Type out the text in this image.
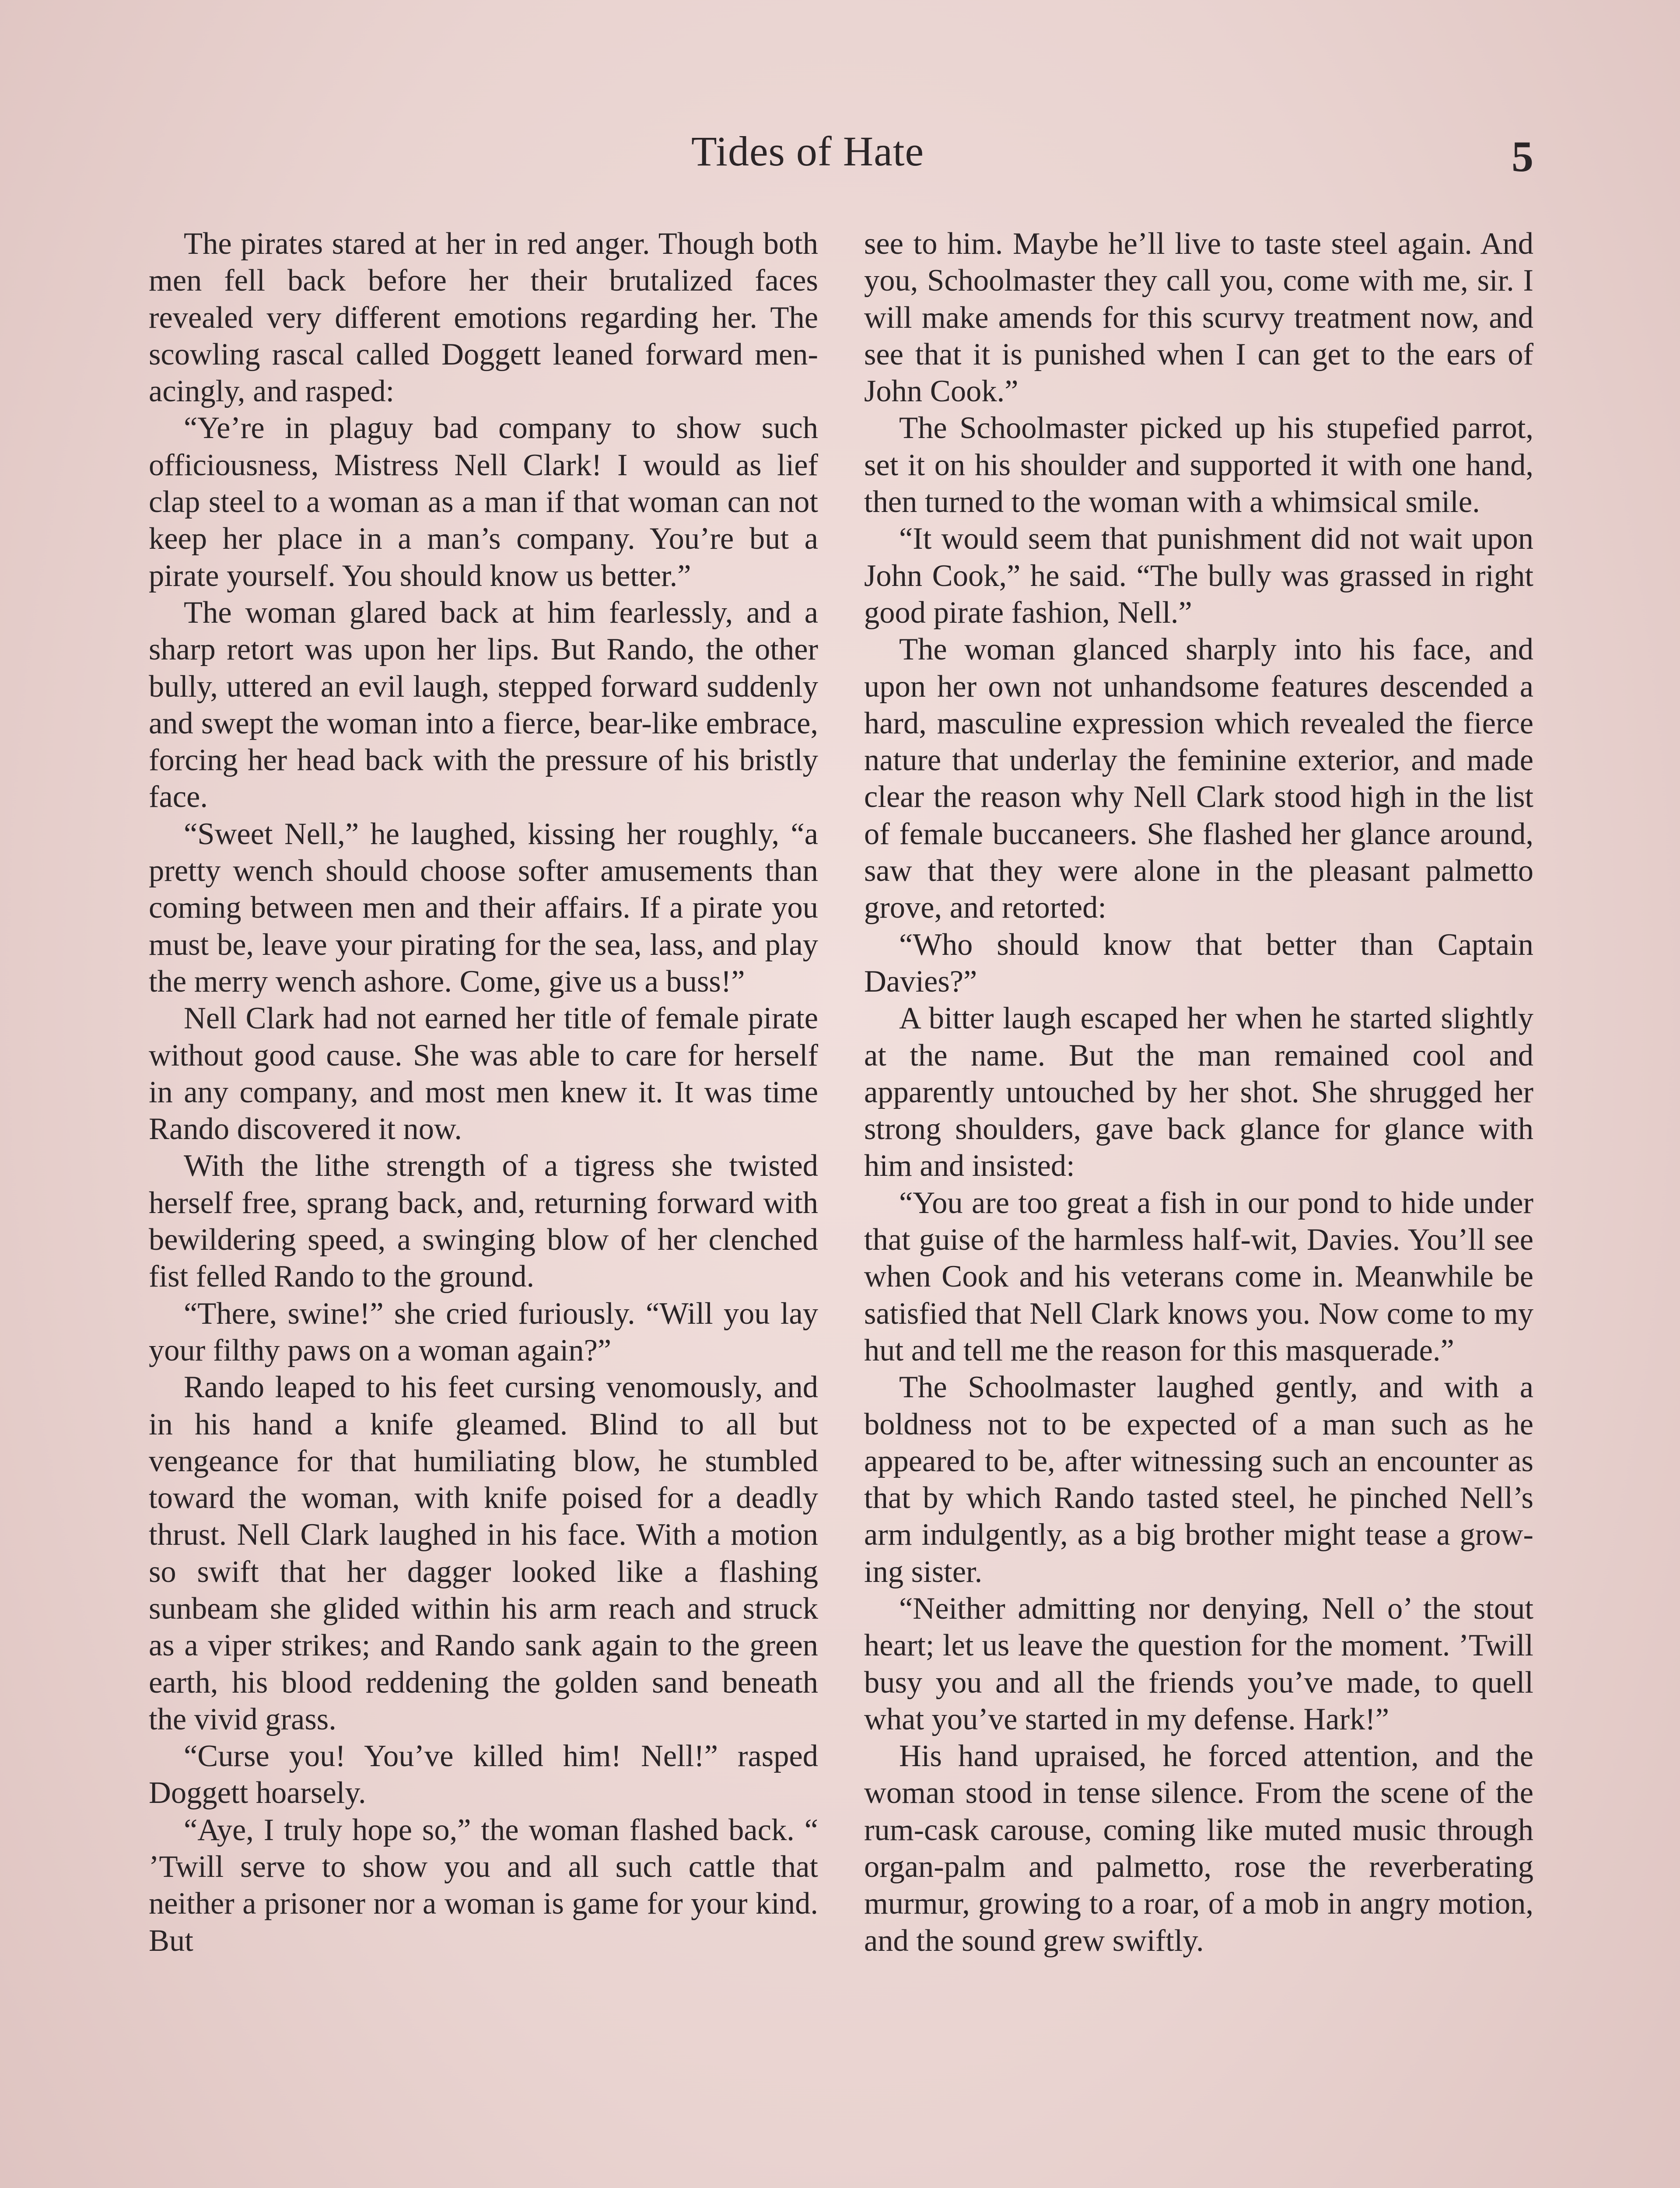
Tides of Hate	5

The pirates stared at her in red anger. Though both men fell back before her their brutalized faces revealed very different emotions regarding her. The scowling rascal called Doggett leaned forward menacingly, and rasped:

“Ye’re in plaguy bad company to show such officiousness, Mistress Nell Clark! I would as lief clap steel to a woman as a man if that woman can not keep her place in a man’s company. You’re but a pirate yourself. You should know us better.”

The woman glared back at him fearlessly, and a sharp retort was upon her lips. But Rando, the other bully, uttered an evil laugh, stepped forward suddenly and swept the woman into a fierce, bear-like embrace, forcing her head back with the pressure of his bristly face.

“Sweet Nell,” he laughed, kissing her roughly, “a pretty wench should choose softer amusements than coming between men and their affairs. If a pirate you must be, leave your pirating for the sea, lass, and play the merry wench ashore. Come, give us a buss!”

Nell Clark had not earned her title of female pirate without good cause. She was able to care for herself in any company, and most men knew it. It was time Rando discovered it now.

With the lithe strength of a tigress she twisted herself free, sprang back, and, returning forward with bewildering speed, a swinging blow of her clenched fist felled Rando to the ground.

“There, swine!” she cried furiously. “Will you lay your filthy paws on a woman again?”

Rando leaped to his feet cursing venomously, and in his hand a knife gleamed. Blind to all but vengeance for that humiliating blow, he stumbled toward the woman, with knife poised for a deadly thrust. Nell Clark laughed in his face. With a motion so swift that her dagger looked like a flashing sunbeam she glided within his arm reach and struck as a viper strikes; and Rando sank again to the green earth, his blood reddening the golden sand beneath the vivid grass.

“Curse you! You’ve killed him! Nell!” rasped Doggett hoarsely.

“Aye, I truly hope so,” the woman flashed back. “ ’Twill serve to show you and all such cattle that neither a prisoner nor a woman is game for your kind. But

see to him. Maybe he’ll live to taste steel again. And you, Schoolmaster they call you, come with me, sir. I will make amends for this scurvy treatment now, and see that it is punished when I can get to the ears of John Cook.”

The Schoolmaster picked up his stupefied parrot, set it on his shoulder and supported it with one hand, then turned to the woman with a whimsical smile.

“It would seem that punishment did not wait upon John Cook,” he said. “The bully was grassed in right good pirate fashion, Nell.”

The woman glanced sharply into his face, and upon her own not unhandsome features descended a hard, masculine expression which revealed the fierce nature that underlay the feminine exterior, and made clear the reason why Nell Clark stood high in the list of female buccaneers. She flashed her glance around, saw that they were alone in the pleasant palmetto grove, and retorted:

“Who should know that better than Captain Davies?”

A bitter laugh escaped her when he started slightly at the name. But the man remained cool and apparently untouched by her shot. She shrugged her strong shoulders, gave back glance for glance with him and insisted:

“You are too great a fish in our pond to hide under that guise of the harmless half-wit, Davies. You’ll see when Cook and his veterans come in. Meanwhile be satisfied that Nell Clark knows you. Now come to my hut and tell me the reason for this masquerade.”

The Schoolmaster laughed gently, and with a boldness not to be expected of a man such as he appeared to be, after witnessing such an encounter as that by which Rando tasted steel, he pinched Nell’s arm indulgently, as a big brother might tease a growing sister.

“Neither admitting nor denying, Nell o’ the stout heart; let us leave the question for the moment. ’Twill busy you and all the friends you’ve made, to quell what you’ve started in my defense. Hark!”

His hand upraised, he forced attention, and the woman stood in tense silence. From the scene of the rum-cask carouse, coming like muted music through organ-palm and palmetto, rose the reverberating murmur, growing to a roar, of a mob in angry motion, and the sound grew swiftly.
